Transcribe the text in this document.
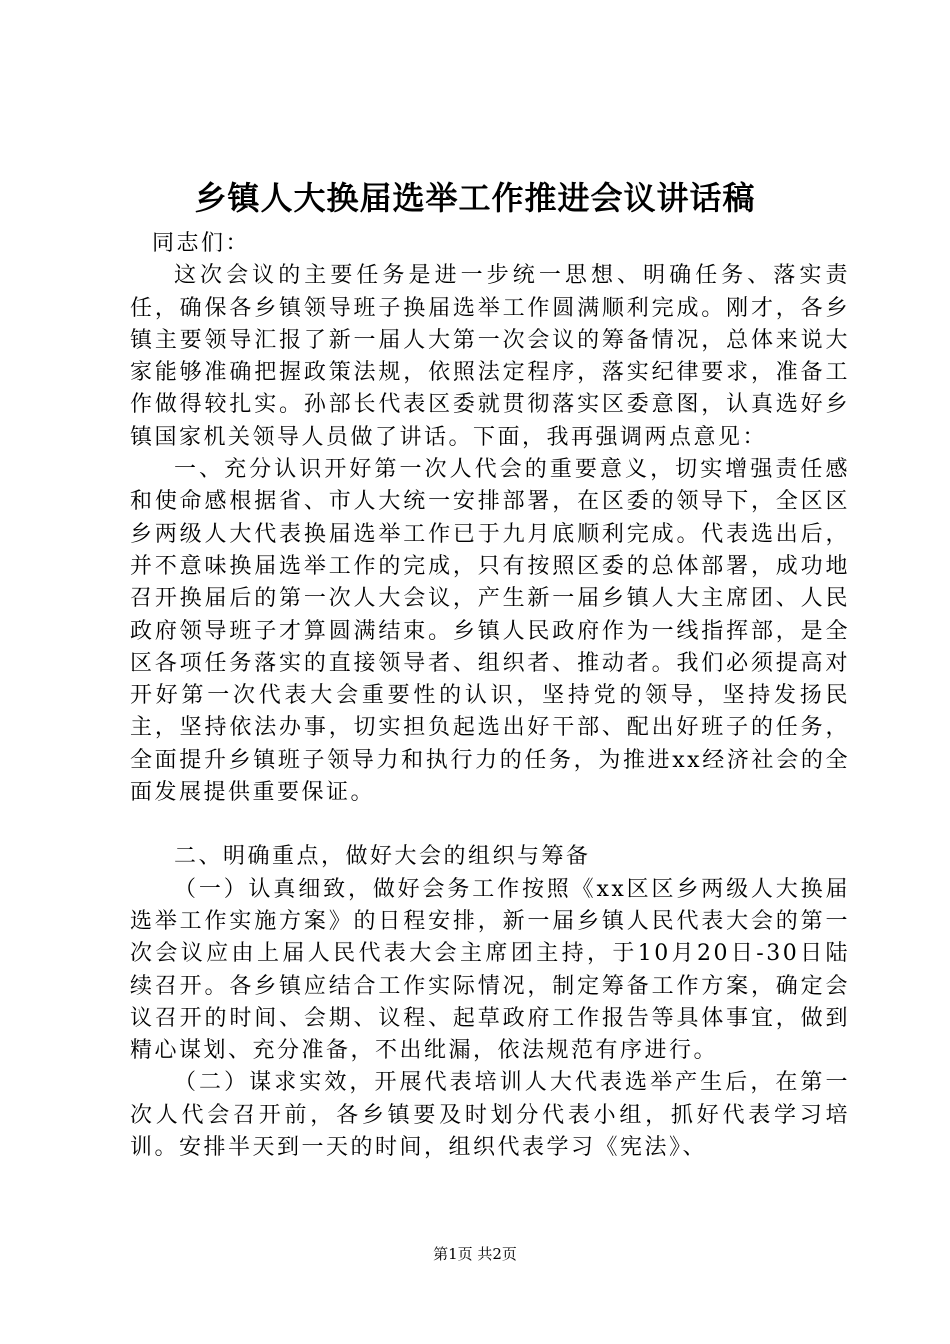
乡镇人大换届选举工作推进会议讲话稿

同志们：

这次会议的主要任务是进一步统一思想、明确任务、落实责任，确保各乡镇领导班子换届选举工作圆满顺利完成。刚才，各乡镇主要领导汇报了新一届人大第一次会议的筹备情况，总体来说大家能够准确把握政策法规，依照法定程序，落实纪律要求，准备工作做得较扎实。孙部长代表区委就贯彻落实区委意图，认真选好乡镇国家机关领导人员做了讲话。下面，我再强调两点意见：

一、充分认识开好第一次人代会的重要意义，切实增强责任感和使命感根据省、市人大统一安排部署，在区委的领导下，全区区乡两级人大代表换届选举工作已于九月底顺利完成。代表选出后，并不意味换届选举工作的完成，只有按照区委的总体部署，成功地召开换届后的第一次人大会议，产生新一届乡镇人大主席团、人民政府领导班子才算圆满结束。乡镇人民政府作为一线指挥部，是全区各项任务落实的直接领导者、组织者、推动者。我们必须提高对开好第一次代表大会重要性的认识，坚持党的领导，坚持发扬民主，坚持依法办事，切实担负起选出好干部、配出好班子的任务，全面提升乡镇班子领导力和执行力的任务，为推进xx经济社会的全面发展提供重要保证。

二、明确重点，做好大会的组织与筹备

（一）认真细致，做好会务工作按照《xx区区乡两级人大换届选举工作实施方案》的日程安排，新一届乡镇人民代表大会的第一次会议应由上届人民代表大会主席团主持，于10月20日-30日陆续召开。各乡镇应结合工作实际情况，制定筹备工作方案，确定会议召开的时间、会期、议程、起草政府工作报告等具体事宜，做到精心谋划、充分准备，不出纰漏，依法规范有序进行。

（二）谋求实效，开展代表培训人大代表选举产生后，在第一次人代会召开前，各乡镇要及时划分代表小组，抓好代表学习培训。安排半天到一天的时间，组织代表学习《宪法》、

第1页 共2页
